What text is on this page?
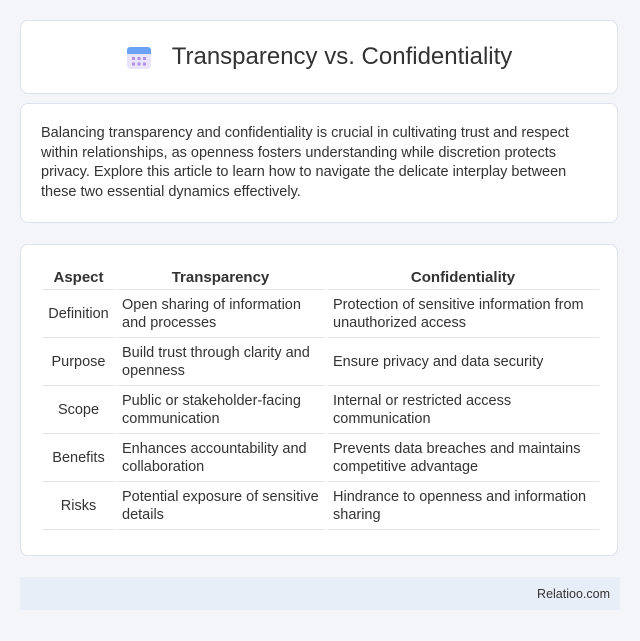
Transparency vs. Confidentiality

Balancing transparency and confidentiality is crucial in cultivating trust and respect within relationships, as openness fosters understanding while discretion protects privacy. Explore this article to learn how to navigate the delicate interplay between these two essential dynamics effectively.

Aspect	Transparency	Confidentiality
Definition	Open sharing of information and processes	Protection of sensitive information from unauthorized access
Purpose	Build trust through clarity and openness	Ensure privacy and data security
Scope	Public or stakeholder-facing communication	Internal or restricted access communication
Benefits	Enhances accountability and collaboration	Prevents data breaches and maintains competitive advantage
Risks	Potential exposure of sensitive details	Hindrance to openness and information sharing
Relatioo.com
